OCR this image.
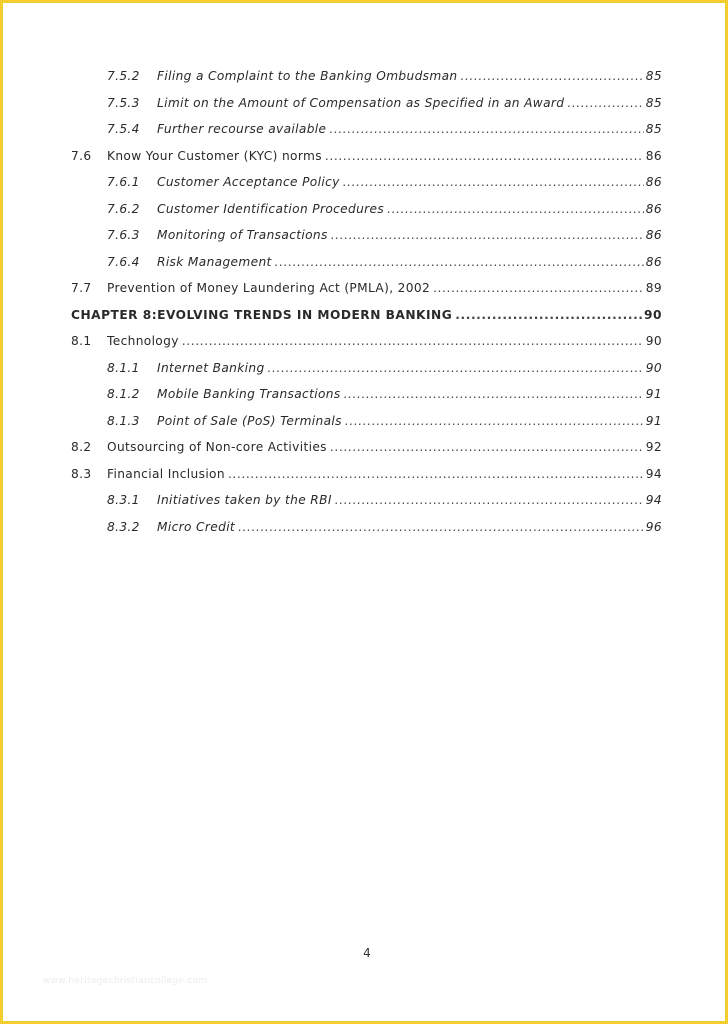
7.5.2	Filing a Complaint to the Banking Ombudsman .....	85
7.5.3	Limit on the Amount of Compensation as Specified in an Award .....	85
7.5.4	Further recourse available .....	85
7.6	Know Your Customer (KYC) norms .....	86
7.6.1	Customer Acceptance Policy .....	86
7.6.2	Customer Identification Procedures .....	86
7.6.3	Monitoring of Transactions .....	86
7.6.4	Risk Management .....	86
7.7	Prevention of Money Laundering Act (PMLA), 2002 .....	89
CHAPTER 8: EVOLVING TRENDS IN MODERN BANKING .....	90
8.1	Technology .....	90
8.1.1	Internet Banking .....	90
8.1.2	Mobile Banking Transactions .....	91
8.1.3	Point of Sale (PoS) Terminals .....	91
8.2	Outsourcing of Non-core Activities .....	92
8.3	Financial Inclusion .....	94
8.3.1	Initiatives taken by the RBI .....	94
8.3.2	Micro Credit .....	96
4
www.heritagechristiancollege.com
